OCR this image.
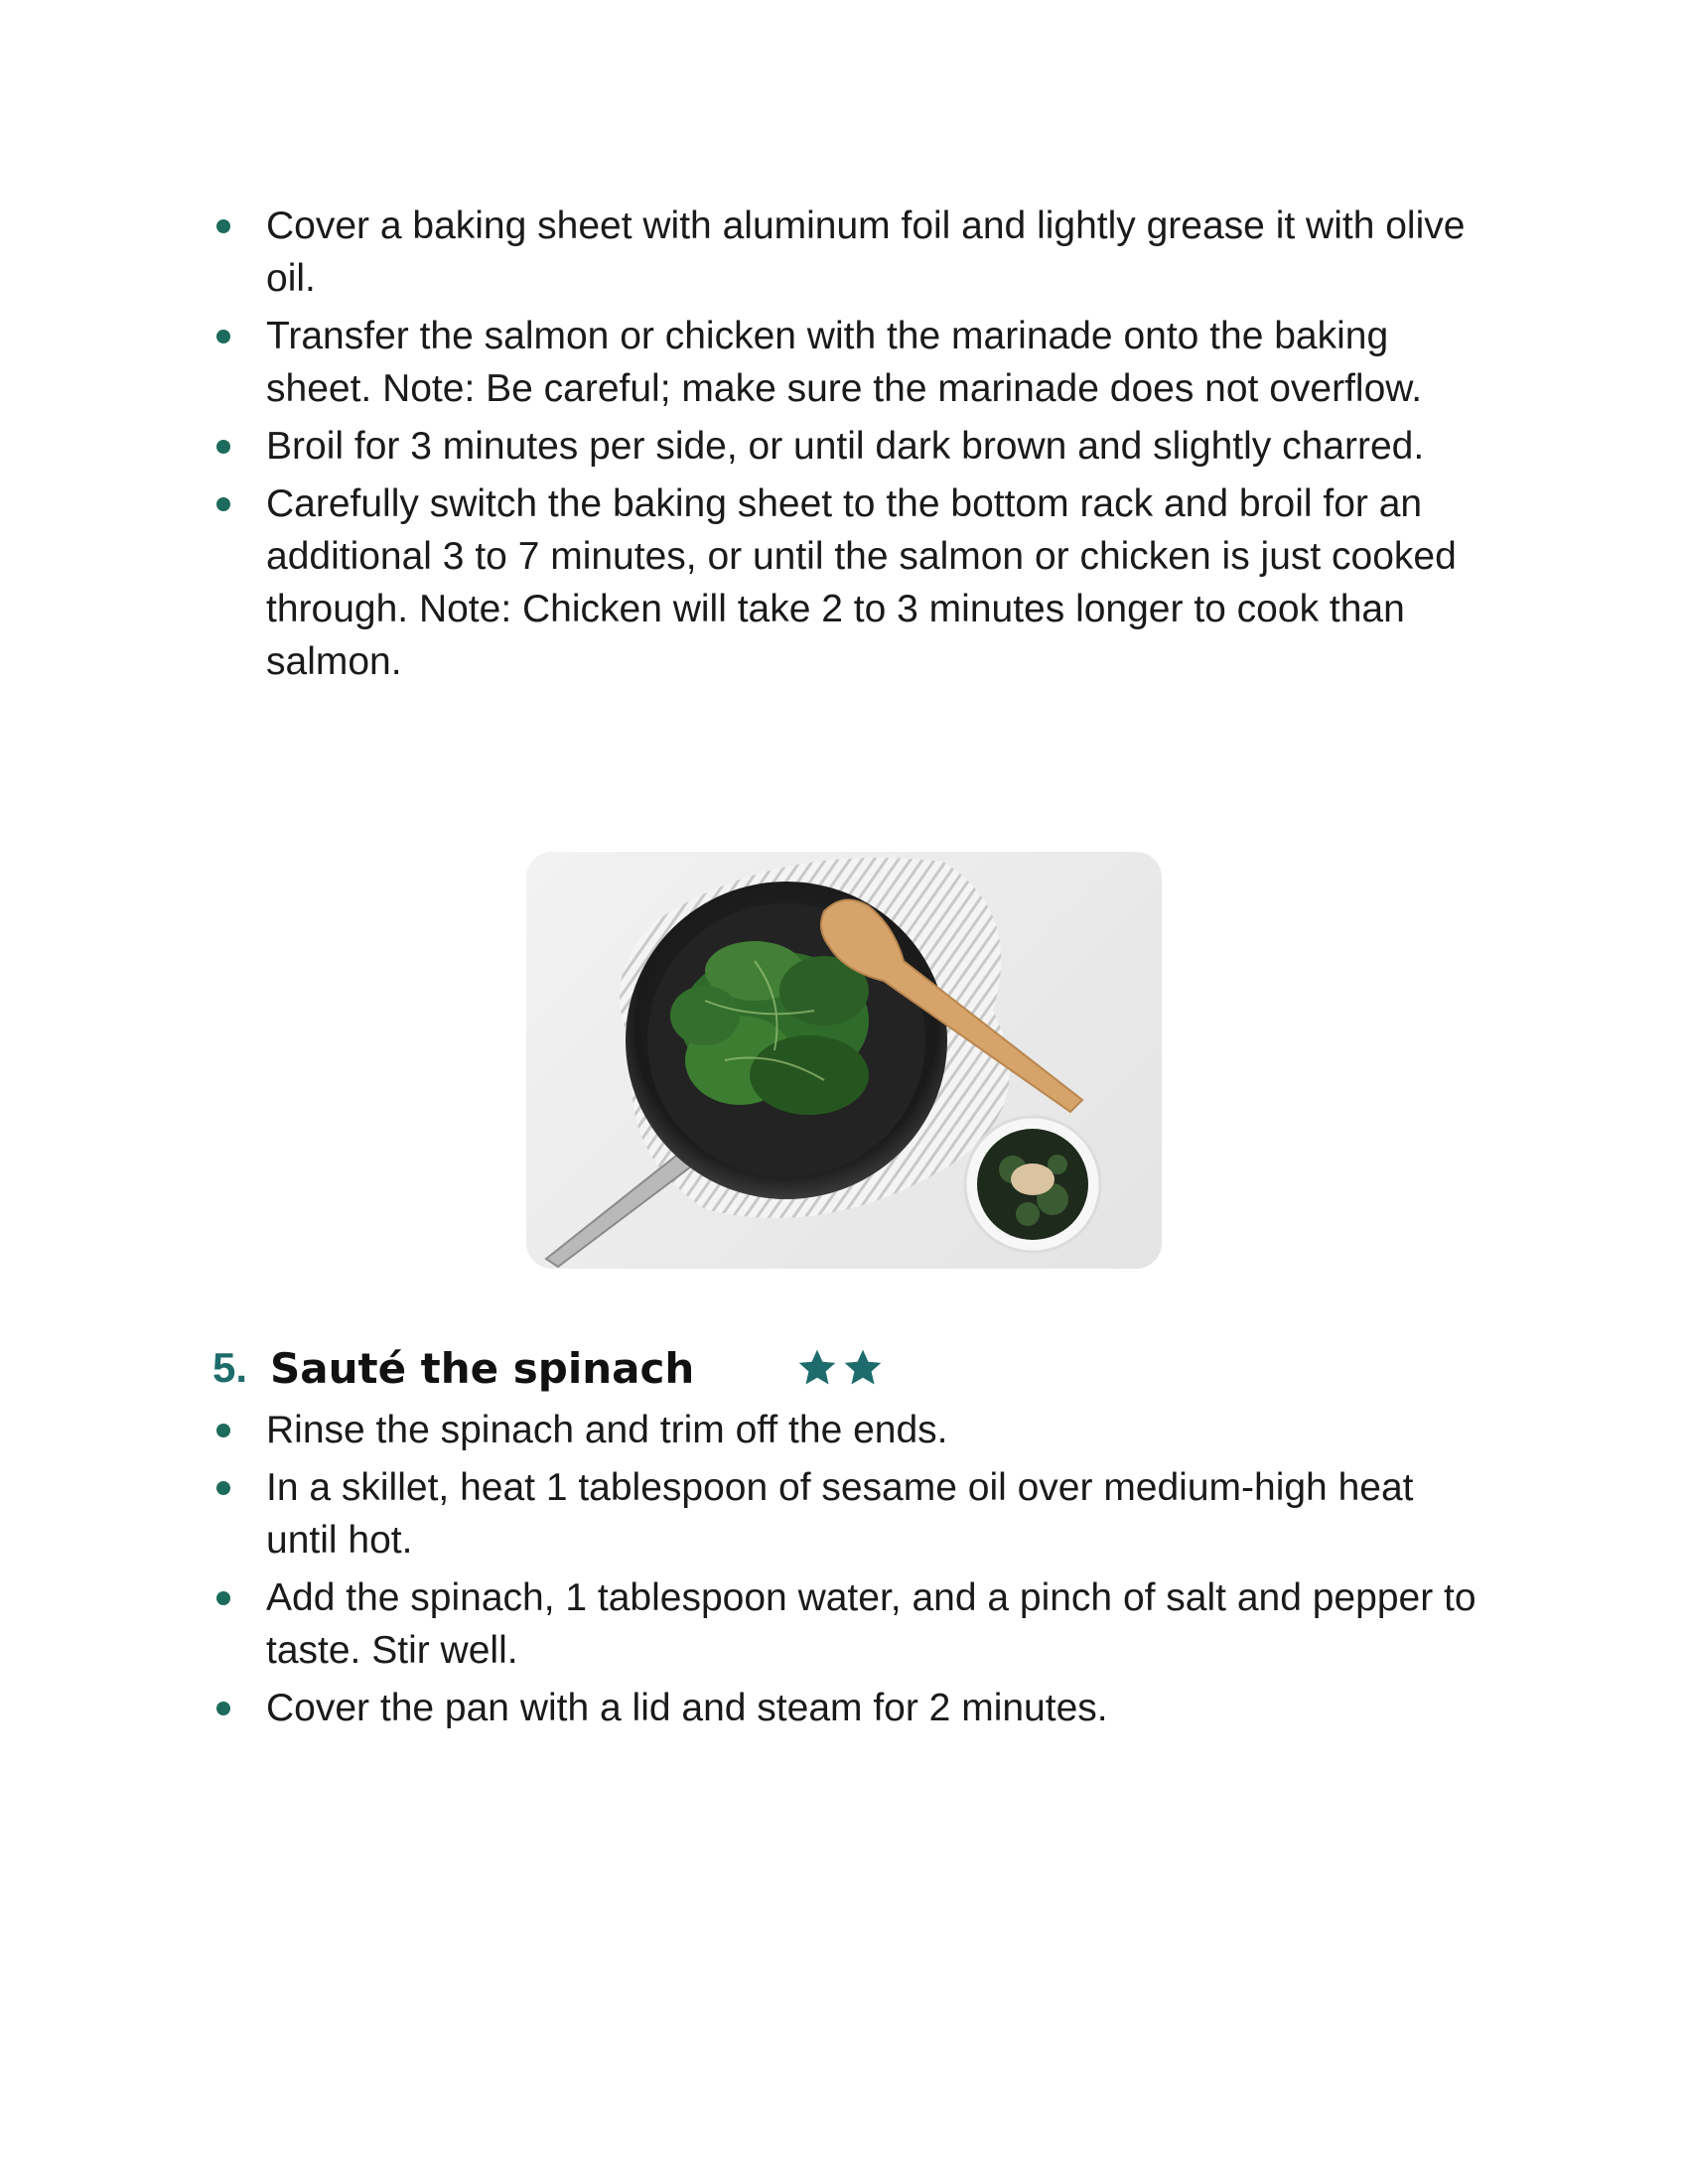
Cover a baking sheet with aluminum foil and lightly grease it with olive oil.
Transfer the salmon or chicken with the marinade onto the baking sheet. Note: Be careful; make sure the marinade does not overflow.
Broil for 3 minutes per side, or until dark brown and slightly charred.
Carefully switch the baking sheet to the bottom rack and broil for an additional 3 to 7 minutes, or until the salmon or chicken is just cooked through. Note: Chicken will take 2 to 3 minutes longer to cook than salmon.
5. Sauté the spinach
Rinse the spinach and trim off the ends.
In a skillet, heat 1 tablespoon of sesame oil over medium-high heat until hot.
Add the spinach, 1 tablespoon water, and a pinch of salt and pepper to taste. Stir well.
Cover the pan with a lid and steam for 2 minutes.
